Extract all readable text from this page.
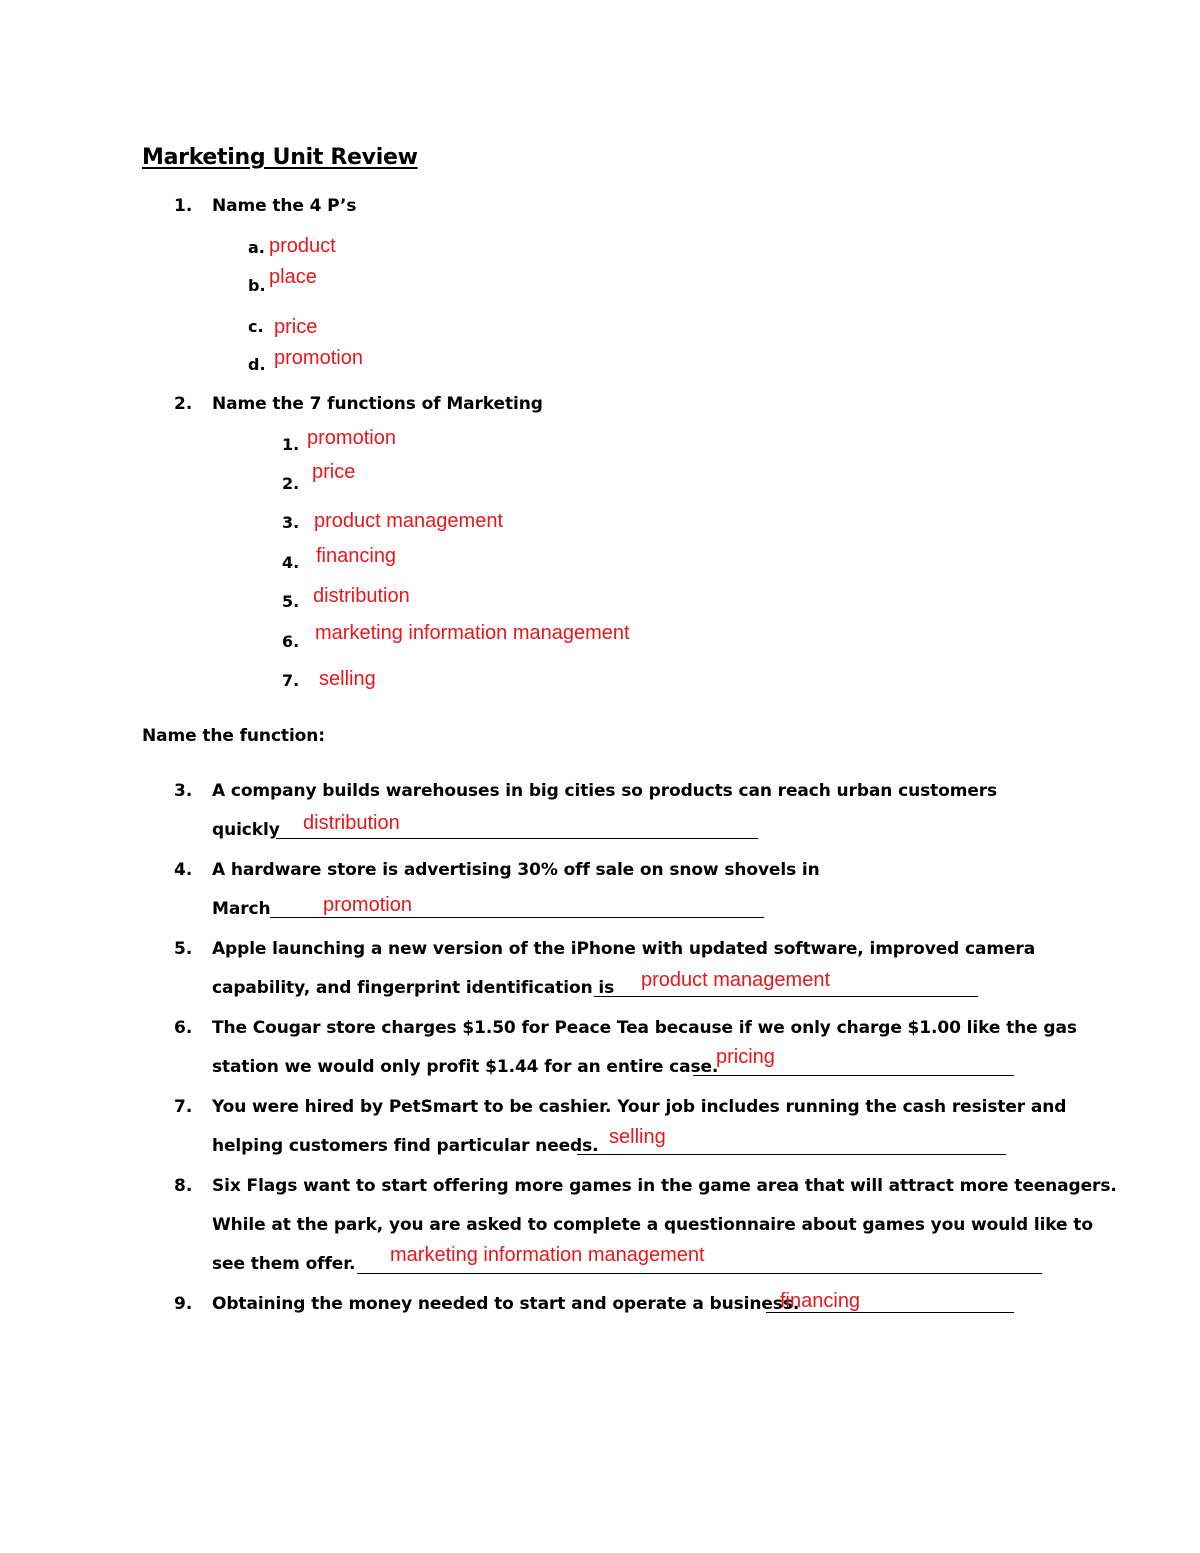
Marketing Unit Review
1. Name the 4 P’s
a. product
b. place
c. price
d. promotion
2. Name the 7 functions of Marketing
1. promotion
2.
price
3. product management
4. financing
5. distribution
6. marketing information management
7. selling
Name the function:
3. A company builds warehouses in big cities so products can reach urban customers
quickly distribution
4. A hardware store is advertising 30% off sale on snow shovels in
March	promotion
5. Apple launching a new version of the iPhone with updated software, improved camera
capability, and fingerprint identification is product management
6. The Cougar store charges $1.50 for Peace Tea because if we only charge $1.00 like the gas
station we would only profit $1.44 for an entire case.
pricing
7. You were hired by PetSmart to be cashier. Your job includes running the cash resister and
helping customers find particular needs. selling
8. Six Flags want to start offering more games in the game area that will attract more teenagers.
While at the park, you are asked to complete a questionnaire about games you would like to
see them offer. marketing information management
9. Obtaining the money needed to start and operate a business.
financing
